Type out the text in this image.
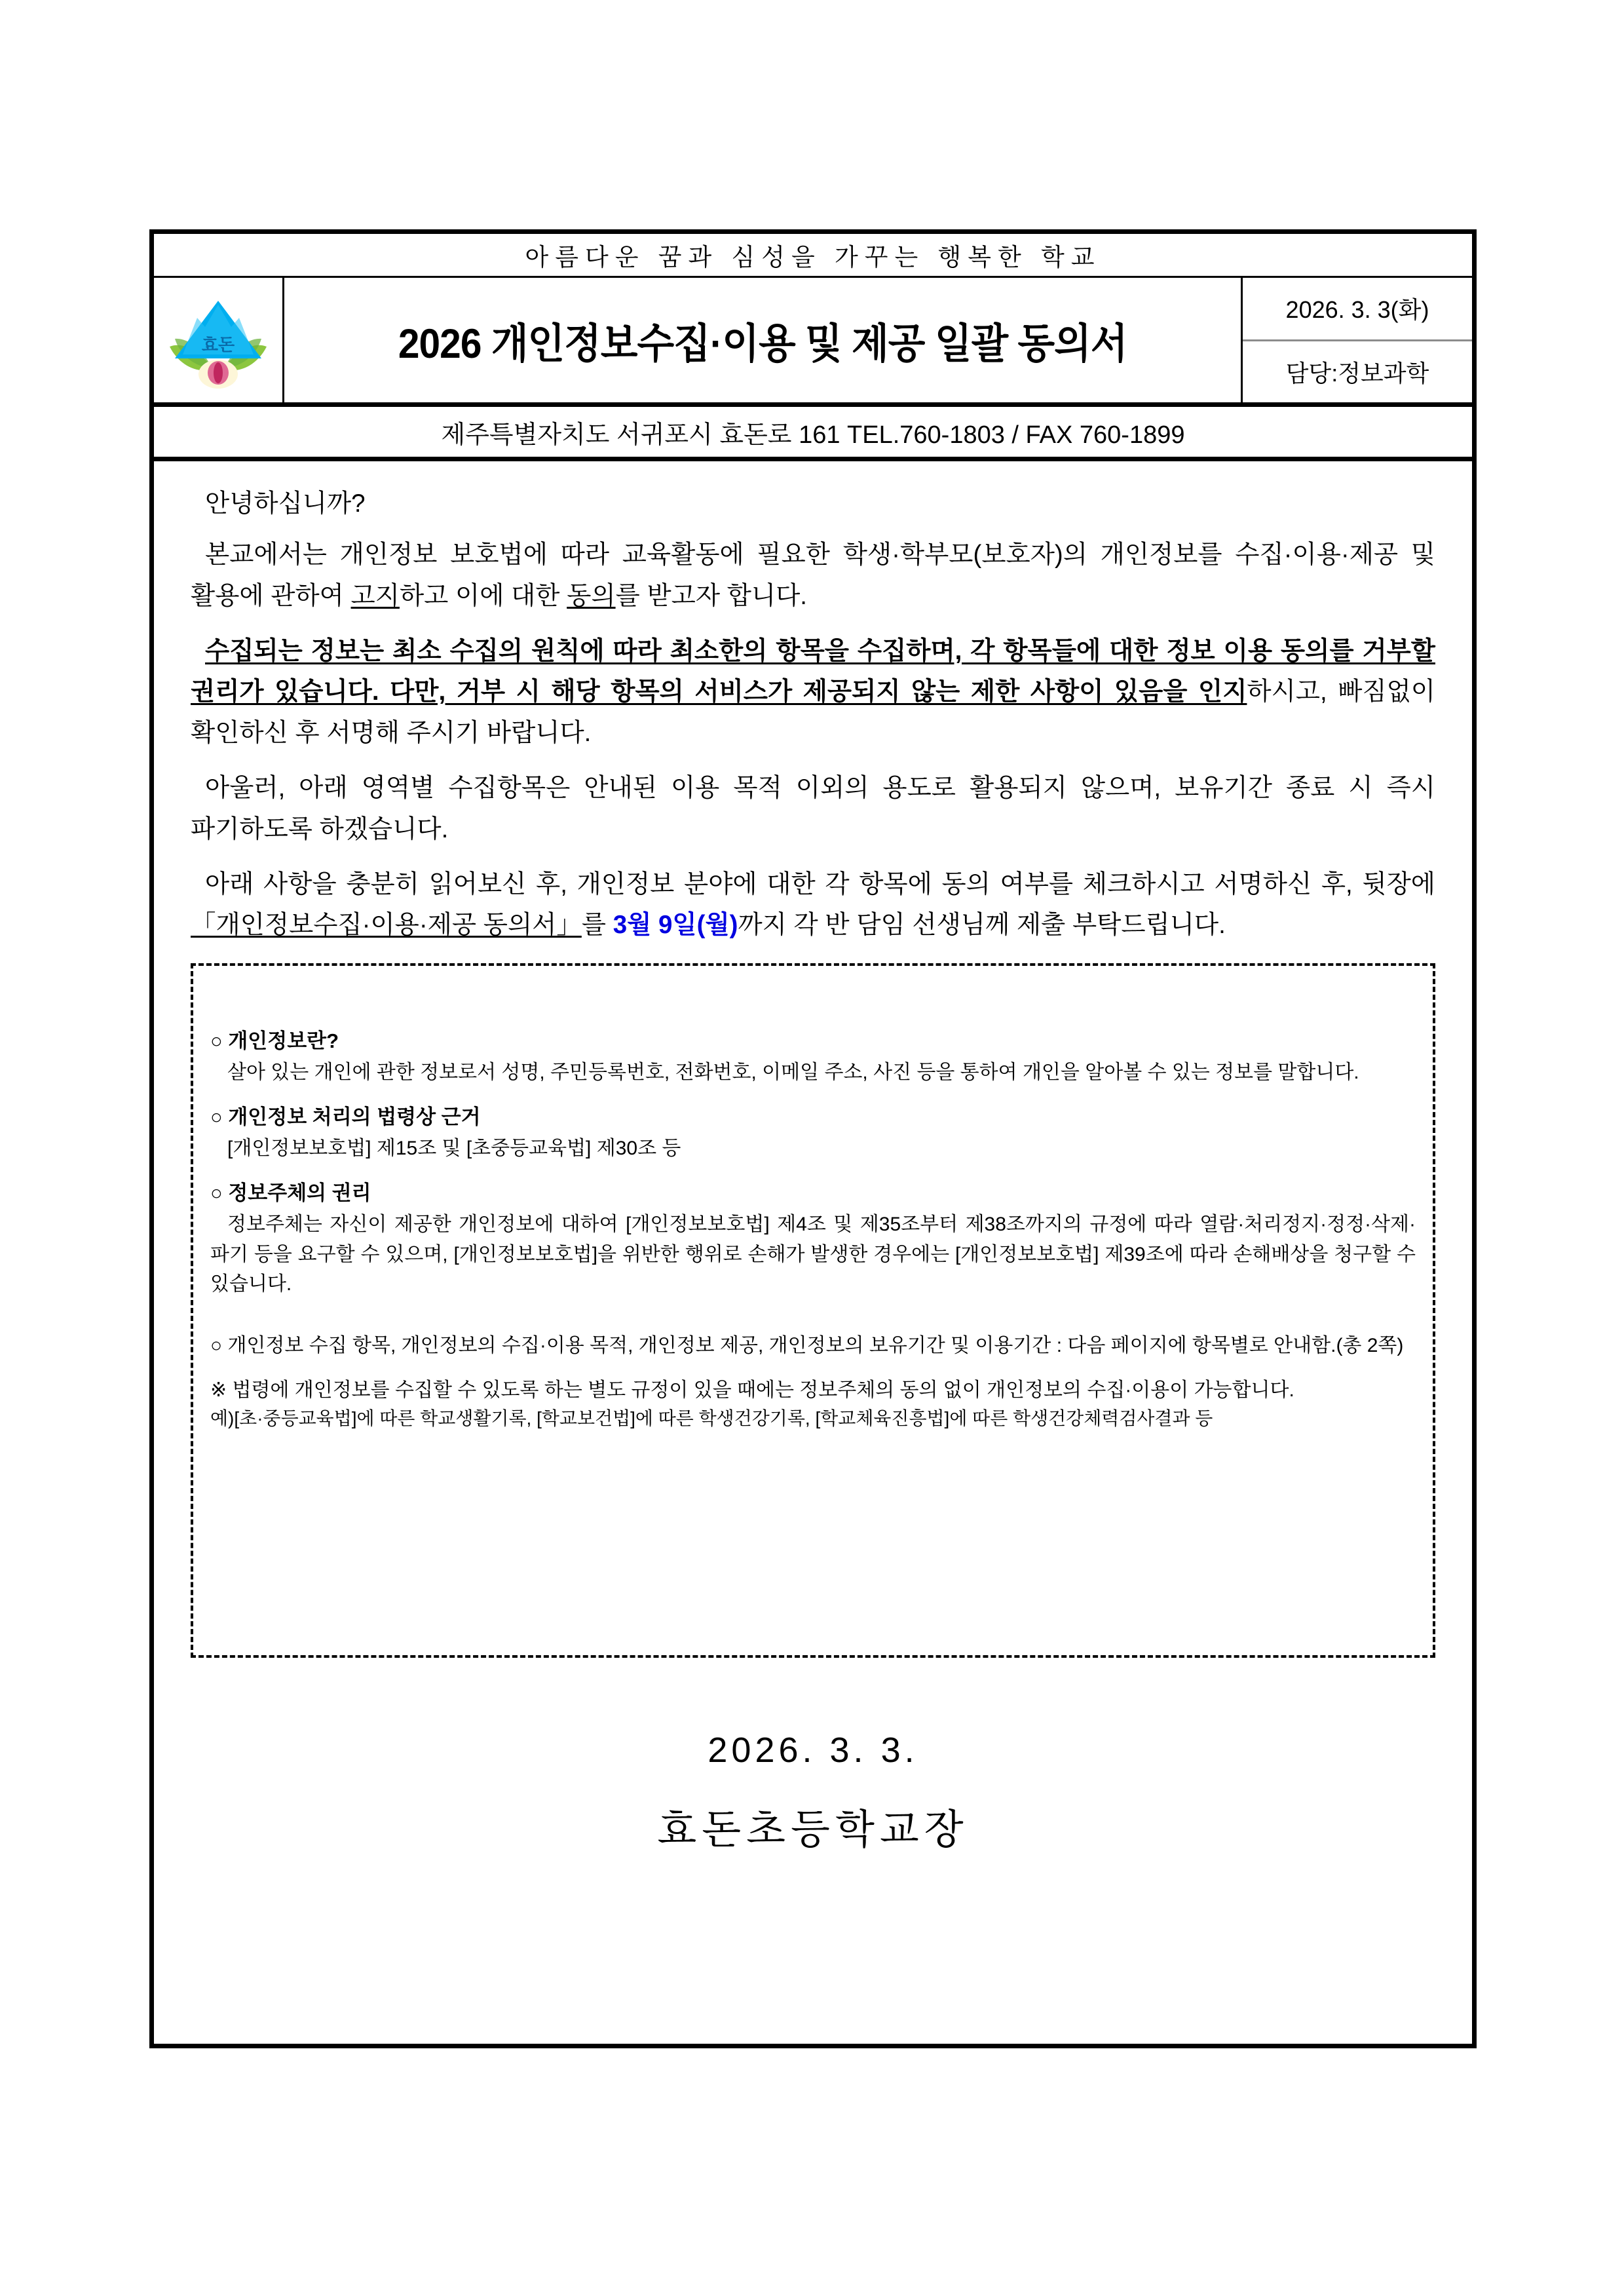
아름다운 꿈과 심성을 가꾸는 행복한 학교
효돈	2026 개인정보수집·이용 및 제공 일괄 동의서
2026. 3. 3(화)
담당:정보과학
제주특별자치도 서귀포시 효돈로 161 TEL.760-1803 / FAX 760-1899

안녕하십니까?

본교에서는 개인정보 보호법에 따라 교육활동에 필요한 학생·학부모(보호자)의 개인정보를 수집·이용·제공 및 활용에 관하여 고지하고 이에 대한 동의를 받고자 합니다.

수집되는 정보는 최소 수집의 원칙에 따라 최소한의 항목을 수집하며, 각 항목들에 대한 정보 이용 동의를 거부할 권리가 있습니다. 다만, 거부 시 해당 항목의 서비스가 제공되지 않는 제한 사항이 있음을 인지하시고, 빠짐없이 확인하신 후 서명해 주시기 바랍니다.

아울러, 아래 영역별 수집항목은 안내된 이용 목적 이외의 용도로 활용되지 않으며, 보유기간 종료 시 즉시 파기하도록 하겠습니다.

아래 사항을 충분히 읽어보신 후, 개인정보 분야에 대한 각 항목에 동의 여부를 체크하시고 서명하신 후, 뒷장에 「개인정보수집·이용·제공 동의서」를 3월 9일(월)까지 각 반 담임 선생님께 제출 부탁드립니다.

○ 개인정보란?

살아 있는 개인에 관한 정보로서 성명, 주민등록번호, 전화번호, 이메일 주소, 사진 등을 통하여 개인을 알아볼 수 있는 정보를 말합니다.

○ 개인정보 처리의 법령상 근거

[개인정보보호법] 제15조 및 [초중등교육법] 제30조 등

○ 정보주체의 권리

정보주체는 자신이 제공한 개인정보에 대하여 [개인정보보호법] 제4조 및 제35조부터 제38조까지의 규정에 따라 열람·처리정지·정정·삭제·파기 등을 요구할 수 있으며, [개인정보보호법]을 위반한 행위로 손해가 발생한 경우에는 [개인정보보호법] 제39조에 따라 손해배상을 청구할 수 있습니다.

○ 개인정보 수집 항목, 개인정보의 수집·이용 목적, 개인정보 제공, 개인정보의 보유기간 및 이용기간 : 다음 페이지에 항목별로 안내함.(총 2쪽)

※ 법령에 개인정보를 수집할 수 있도록 하는 별도 규정이 있을 때에는 정보주체의 동의 없이 개인정보의 수집·이용이 가능합니다.

예)[초·중등교육법]에 따른 학교생활기록, [학교보건법]에 따른 학생건강기록, [학교체육진흥법]에 따른 학생건강체력검사결과 등

2026. 3. 3.
효돈초등학교장
